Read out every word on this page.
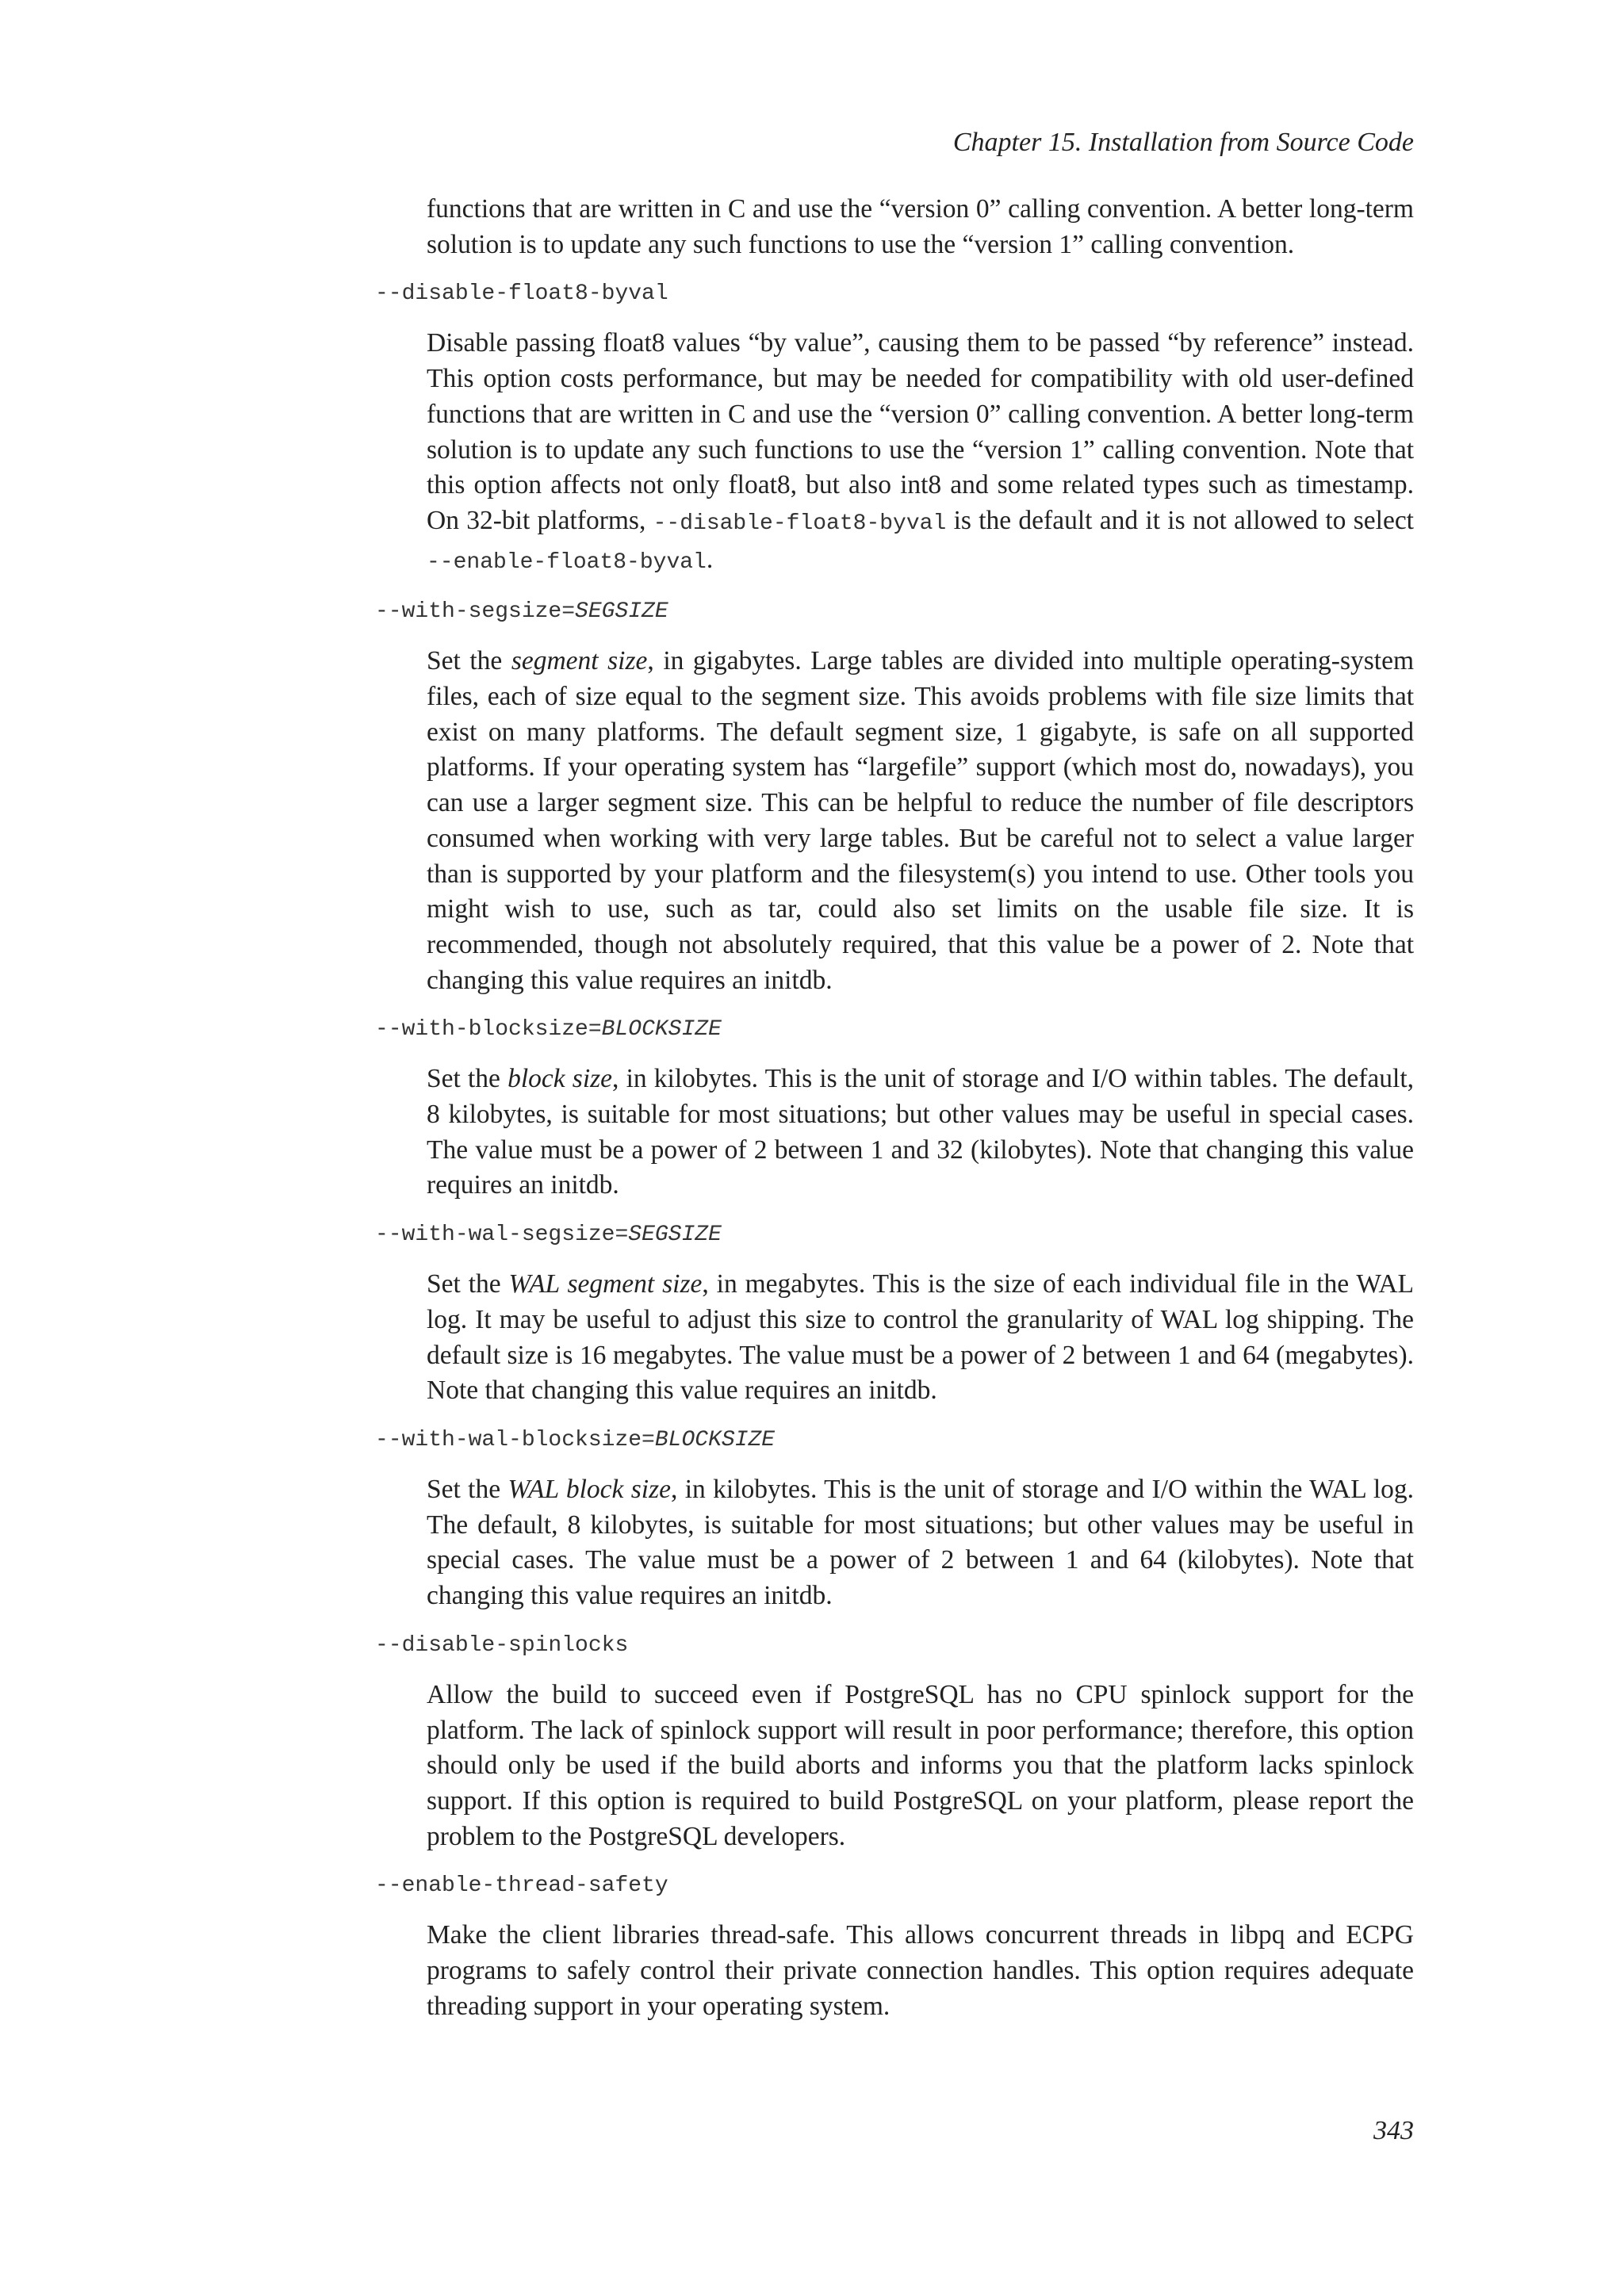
Chapter 15. Installation from Source Code
functions that are written in C and use the “version 0” calling convention. A better long-term solution is to update any such functions to use the “version 1” calling convention.
--disable-float8-byval
Disable passing float8 values “by value”, causing them to be passed “by reference” instead. This option costs performance, but may be needed for compatibility with old user-defined functions that are written in C and use the “version 0” calling convention. A better long-term solution is to update any such functions to use the “version 1” calling convention. Note that this option affects not only float8, but also int8 and some related types such as timestamp. On 32-bit platforms, --disable-float8-byval is the default and it is not allowed to select --enable-float8-byval.
--with-segsize=SEGSIZE
Set the segment size, in gigabytes. Large tables are divided into multiple operating-system files, each of size equal to the segment size. This avoids problems with file size limits that exist on many platforms. The default segment size, 1 gigabyte, is safe on all supported platforms. If your operating system has “largefile” support (which most do, nowadays), you can use a larger segment size. This can be helpful to reduce the number of file descriptors consumed when working with very large tables. But be careful not to select a value larger than is supported by your platform and the filesystem(s) you intend to use. Other tools you might wish to use, such as tar, could also set limits on the usable file size. It is recommended, though not absolutely required, that this value be a power of 2. Note that changing this value requires an initdb.
--with-blocksize=BLOCKSIZE
Set the block size, in kilobytes. This is the unit of storage and I/O within tables. The default, 8 kilobytes, is suitable for most situations; but other values may be useful in special cases. The value must be a power of 2 between 1 and 32 (kilobytes). Note that changing this value requires an initdb.
--with-wal-segsize=SEGSIZE
Set the WAL segment size, in megabytes. This is the size of each individual file in the WAL log. It may be useful to adjust this size to control the granularity of WAL log shipping. The default size is 16 megabytes. The value must be a power of 2 between 1 and 64 (megabytes). Note that changing this value requires an initdb.
--with-wal-blocksize=BLOCKSIZE
Set the WAL block size, in kilobytes. This is the unit of storage and I/O within the WAL log. The default, 8 kilobytes, is suitable for most situations; but other values may be useful in special cases. The value must be a power of 2 between 1 and 64 (kilobytes). Note that changing this value requires an initdb.
--disable-spinlocks
Allow the build to succeed even if PostgreSQL has no CPU spinlock support for the platform. The lack of spinlock support will result in poor performance; therefore, this option should only be used if the build aborts and informs you that the platform lacks spinlock support. If this option is required to build PostgreSQL on your platform, please report the problem to the PostgreSQL developers.
--enable-thread-safety
Make the client libraries thread-safe. This allows concurrent threads in libpq and ECPG programs to safely control their private connection handles. This option requires adequate threading support in your operating system.
343
